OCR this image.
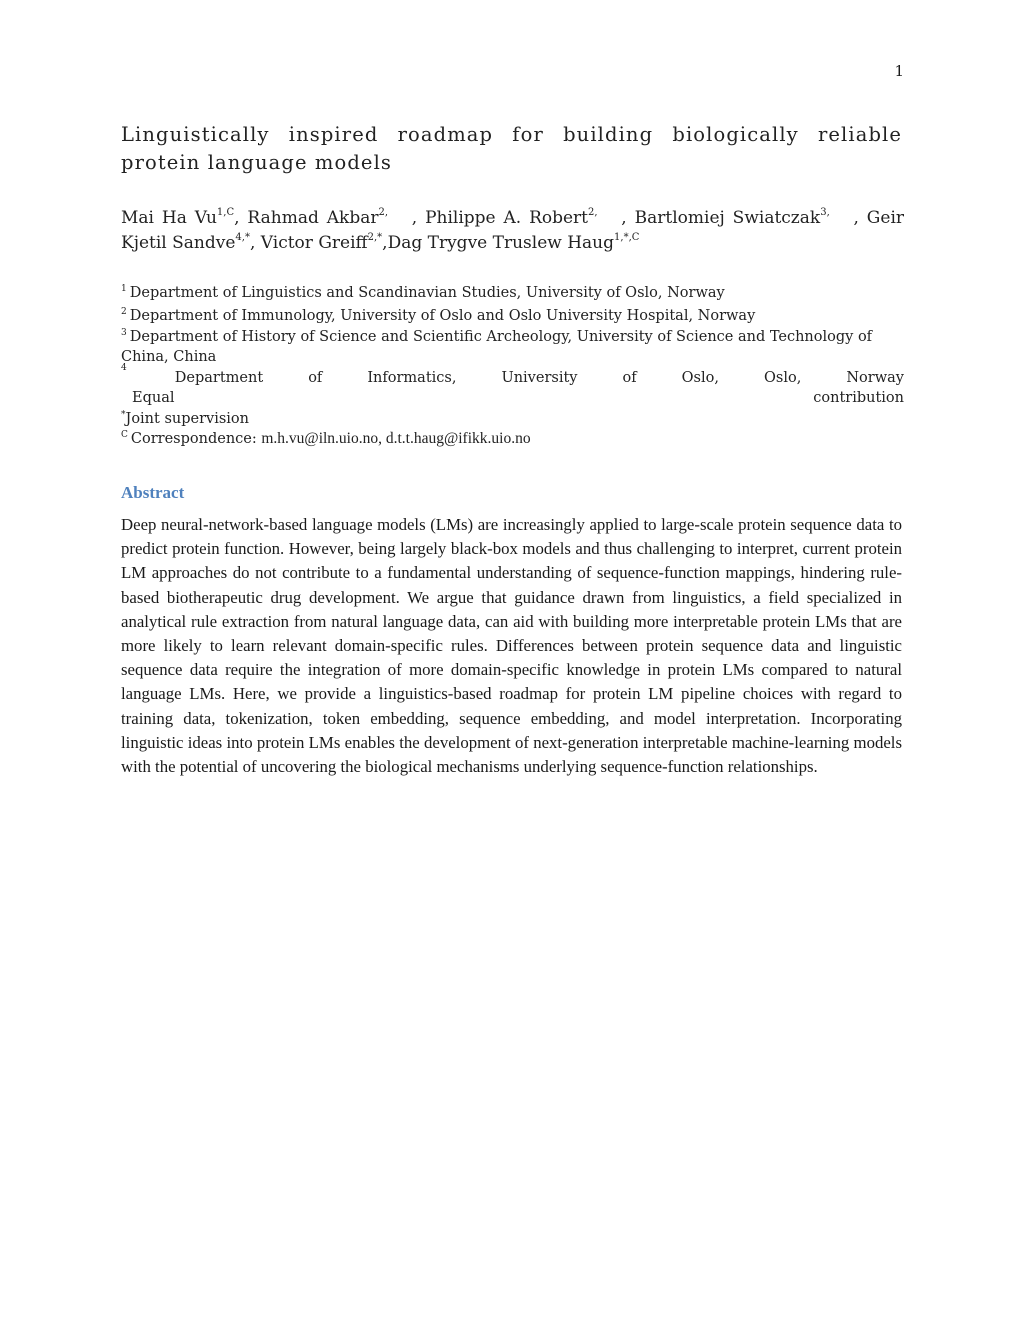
1
Linguistically inspired roadmap for building biologically reliable protein language models
Mai Ha $Vu^{1,C}$, Rahmad Akbar$^{2,}$   , Philippe A. Robert$^{2,}$   , Bartlomiej Swiatczak$^{3,}$   , Geir Kjetil Sandve$^{4,*}$, Victor Greiff$^{2,*}$,Dag Trygve Truslew Haug$^{1,*,C}$
$^1$ Department of Linguistics and Scandinavian Studies, University of Oslo, Norway
$^2$ Department of Immunology, University of Oslo and Oslo University Hospital, Norway
$^3$ Department of History of Science and Scientific Archeology, University of Science and Technology of China, China
4
Department	of	Informatics,	University	of	Oslo,	Oslo,	Norway
Equal	contribution
*Joint supervision
$^C$ Correspondence: m.h.vu@iln.uio.no, d.t.t.haug@ifikk.uio.no
Abstract
Deep neural-network-based language models (LMs) are increasingly applied to large-scale protein sequence data to predict protein function. However, being largely black-box models and thus challenging to interpret, current protein LM approaches do not contribute to a fundamental understanding of sequence-function mappings, hindering rule-based biotherapeutic drug development. We argue that guidance drawn from linguistics, a field specialized in analytical rule extraction from natural language data, can aid with building more interpretable protein LMs that are more likely to learn relevant domain-specific rules. Differences between protein sequence data and linguistic sequence data require the integration of more domain-specific knowledge in protein LMs compared to natural language LMs. Here, we provide a linguistics-based roadmap for protein LM pipeline choices with regard to training data, tokenization, token embedding, sequence embedding, and model interpretation. Incorporating linguistic ideas into protein LMs enables the development of next-generation interpretable machine-learning models with the potential of uncovering the biological mechanisms underlying sequence-function relationships.
